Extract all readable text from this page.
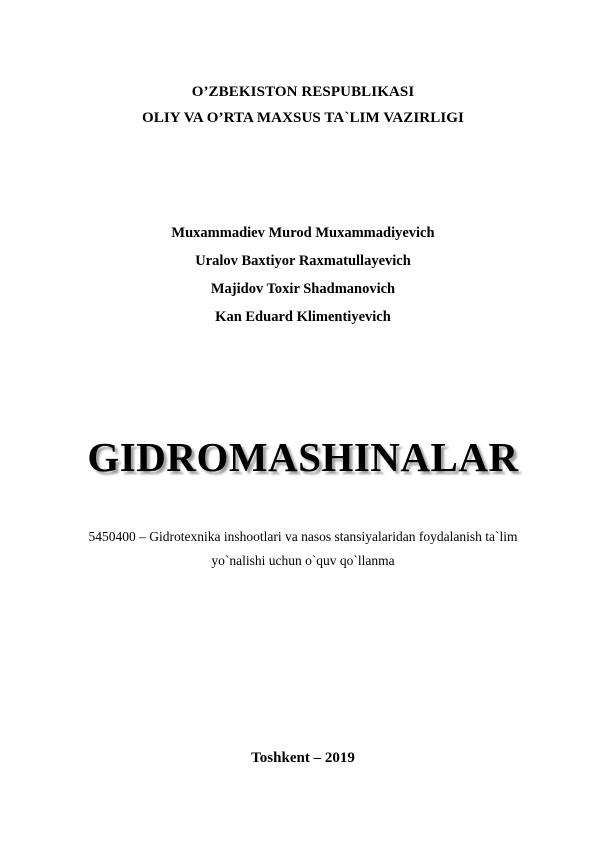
O’ZBEKISTON RESPUBLIKASI
OLIY VA O’RTA MAXSUS TA`LIM VAZIRLIGI
Muxammadiev Murod Muxammadiyevich
Uralov Baxtiyor Raxmatullayevich
Majidov Toxir Shadmanovich
Kan Eduard Klimentiyevich
GIDROMASHINALAR
5450400 – Gidrotexnika inshootlari va nasos stansiyalaridan foydalanish ta`lim
yo`nalishi uchun o`quv qo`llanma
Toshkent – 2019
